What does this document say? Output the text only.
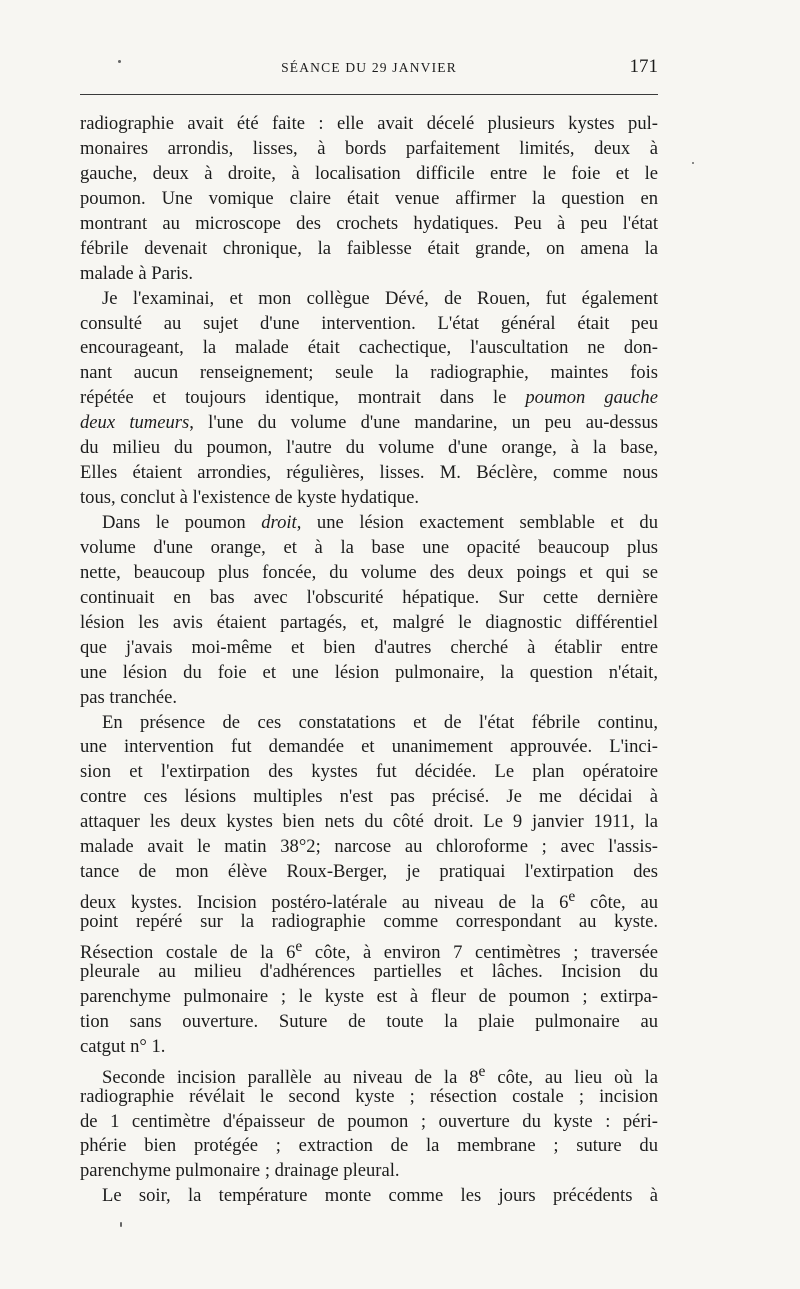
SÉANCE DU 29 JANVIER	171
radiographie avait été faite : elle avait décelé plusieurs kystes pul-
monaires arrondis, lisses, à bords parfaitement limités, deux à
gauche, deux à droite, à localisation difficile entre le foie et le
poumon. Une vomique claire était venue affirmer la question en
montrant au microscope des crochets hydatiques. Peu à peu l'état
fébrile devenait chronique, la faiblesse était grande, on amena la
malade à Paris.
Je l'examinai, et mon collègue Dévé, de Rouen, fut également
consulté au sujet d'une intervention. L'état général était peu
encourageant, la malade était cachectique, l'auscultation ne don-
nant aucun renseignement; seule la radiographie, maintes fois
répétée et toujours identique, montrait dans le poumon gauche
deux tumeurs, l'une du volume d'une mandarine, un peu au-dessus
du milieu du poumon, l'autre du volume d'une orange, à la base,
Elles étaient arrondies, régulières, lisses. M. Béclère, comme nous
tous, conclut à l'existence de kyste hydatique.
Dans le poumon droit, une lésion exactement semblable et du
volume d'une orange, et à la base une opacité beaucoup plus
nette, beaucoup plus foncée, du volume des deux poings et qui se
continuait en bas avec l'obscurité hépatique. Sur cette dernière
lésion les avis étaient partagés, et, malgré le diagnostic différentiel
que j'avais moi-même et bien d'autres cherché à établir entre
une lésion du foie et une lésion pulmonaire, la question n'était,
pas tranchée.
En présence de ces constatations et de l'état fébrile continu,
une intervention fut demandée et unanimement approuvée. L'inci-
sion et l'extirpation des kystes fut décidée. Le plan opératoire
contre ces lésions multiples n'est pas précisé. Je me décidai à
attaquer les deux kystes bien nets du côté droit. Le 9 janvier 1911, la
malade avait le matin 38°2; narcose au chloroforme ; avec l'assis-
tance de mon élève Roux-Berger, je pratiquai l'extirpation des
deux kystes. Incision postéro-latérale au niveau de la 6e côte, au
point repéré sur la radiographie comme correspondant au kyste.
Résection costale de la 6e côte, à environ 7 centimètres ; traversée
pleurale au milieu d'adhérences partielles et lâches. Incision du
parenchyme pulmonaire ; le kyste est à fleur de poumon ; extirpa-
tion sans ouverture. Suture de toute la plaie pulmonaire au
catgut n° 1.
Seconde incision parallèle au niveau de la 8e côte, au lieu où la
radiographie révélait le second kyste ; résection costale ; incision
de 1 centimètre d'épaisseur de poumon ; ouverture du kyste : péri-
phérie bien protégée ; extraction de la membrane ; suture du
parenchyme pulmonaire ; drainage pleural.
Le soir, la température monte comme les jours précédents à
